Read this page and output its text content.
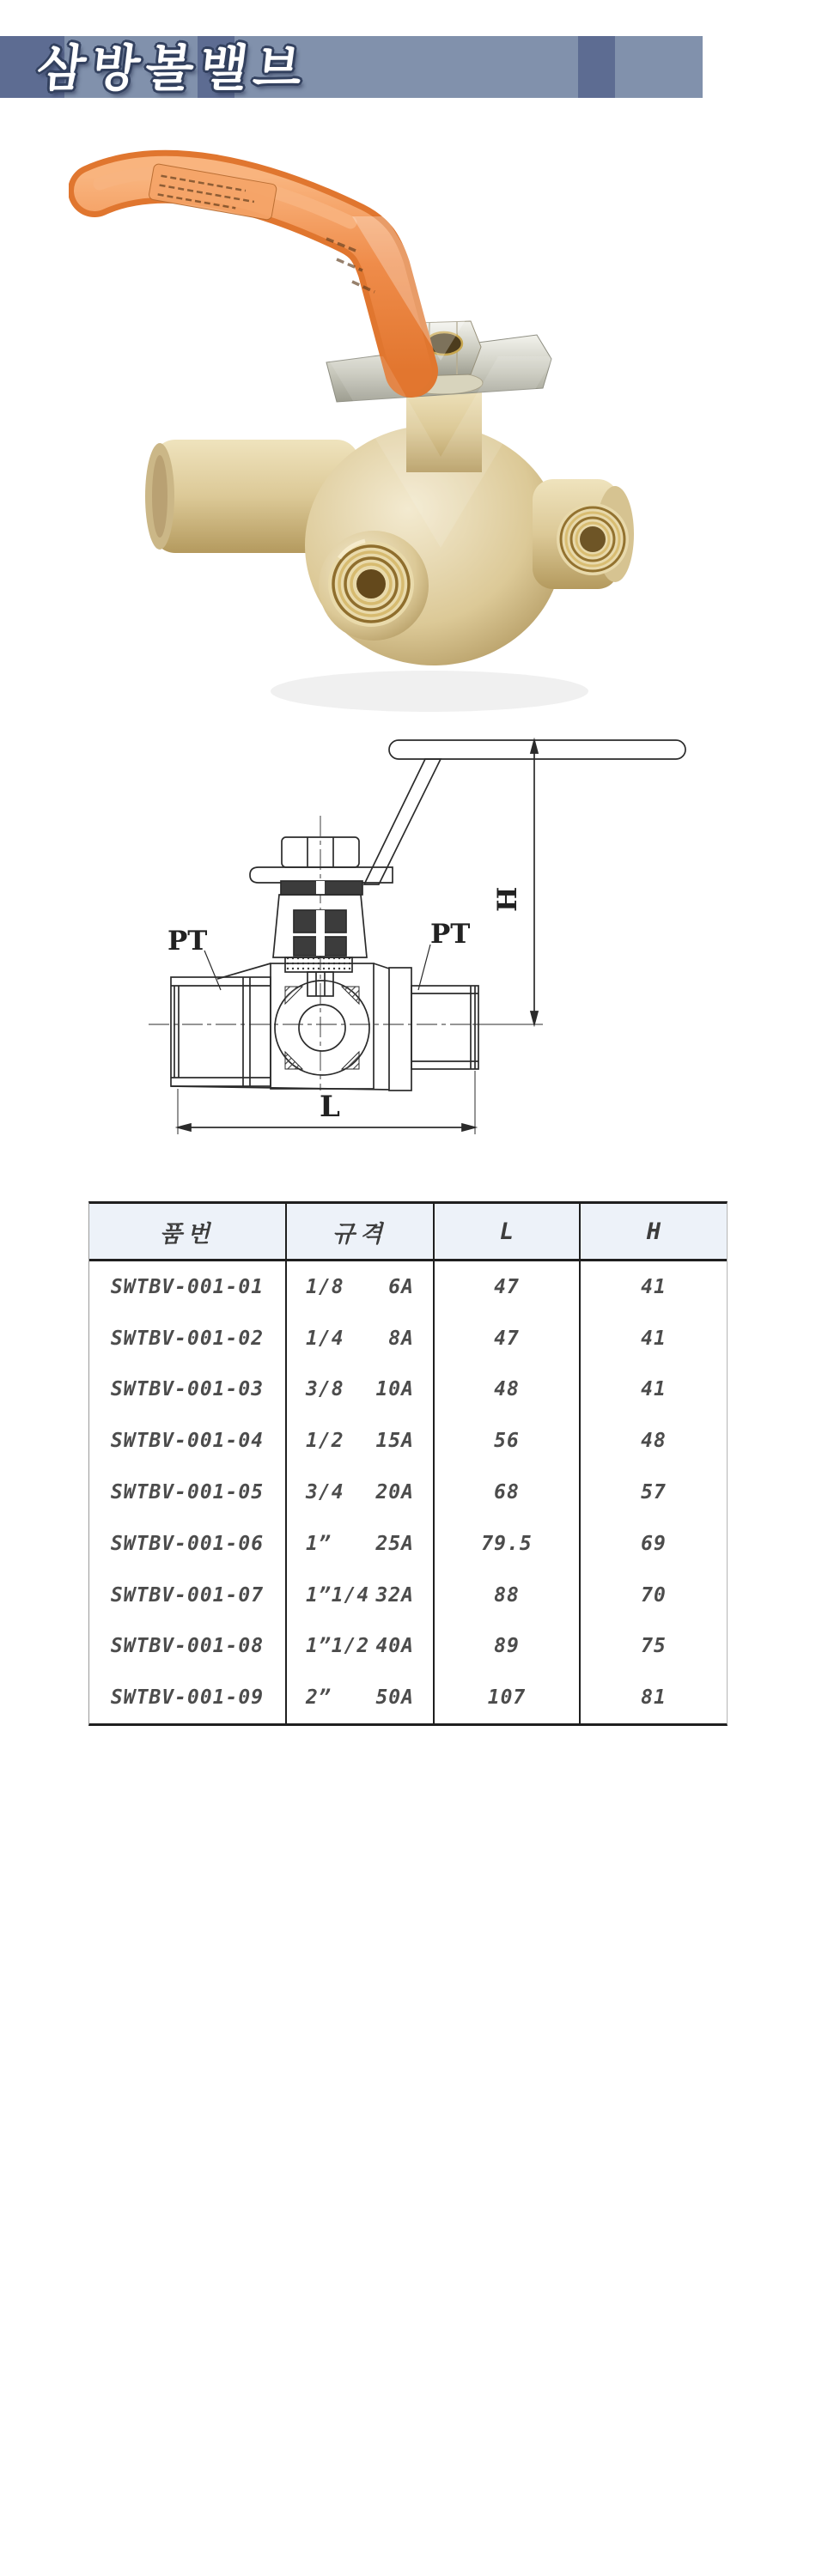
삼방볼밸브
PT	PT
H
L
품번	규격	L	H
SWTBV-001-01	1/8 6A	47	41
SWTBV-001-02	1/4 8A	47	41
SWTBV-001-03	3/8 10A	48	41
SWTBV-001-04	1/2 15A	56	48
SWTBV-001-05	3/4 20A	68	57
SWTBV-001-06	1” 25A	79.5	69
SWTBV-001-07	1”1/4 32A	88	70
SWTBV-001-08	1”1/2 40A	89	75
SWTBV-001-09	2” 50A	107	81
